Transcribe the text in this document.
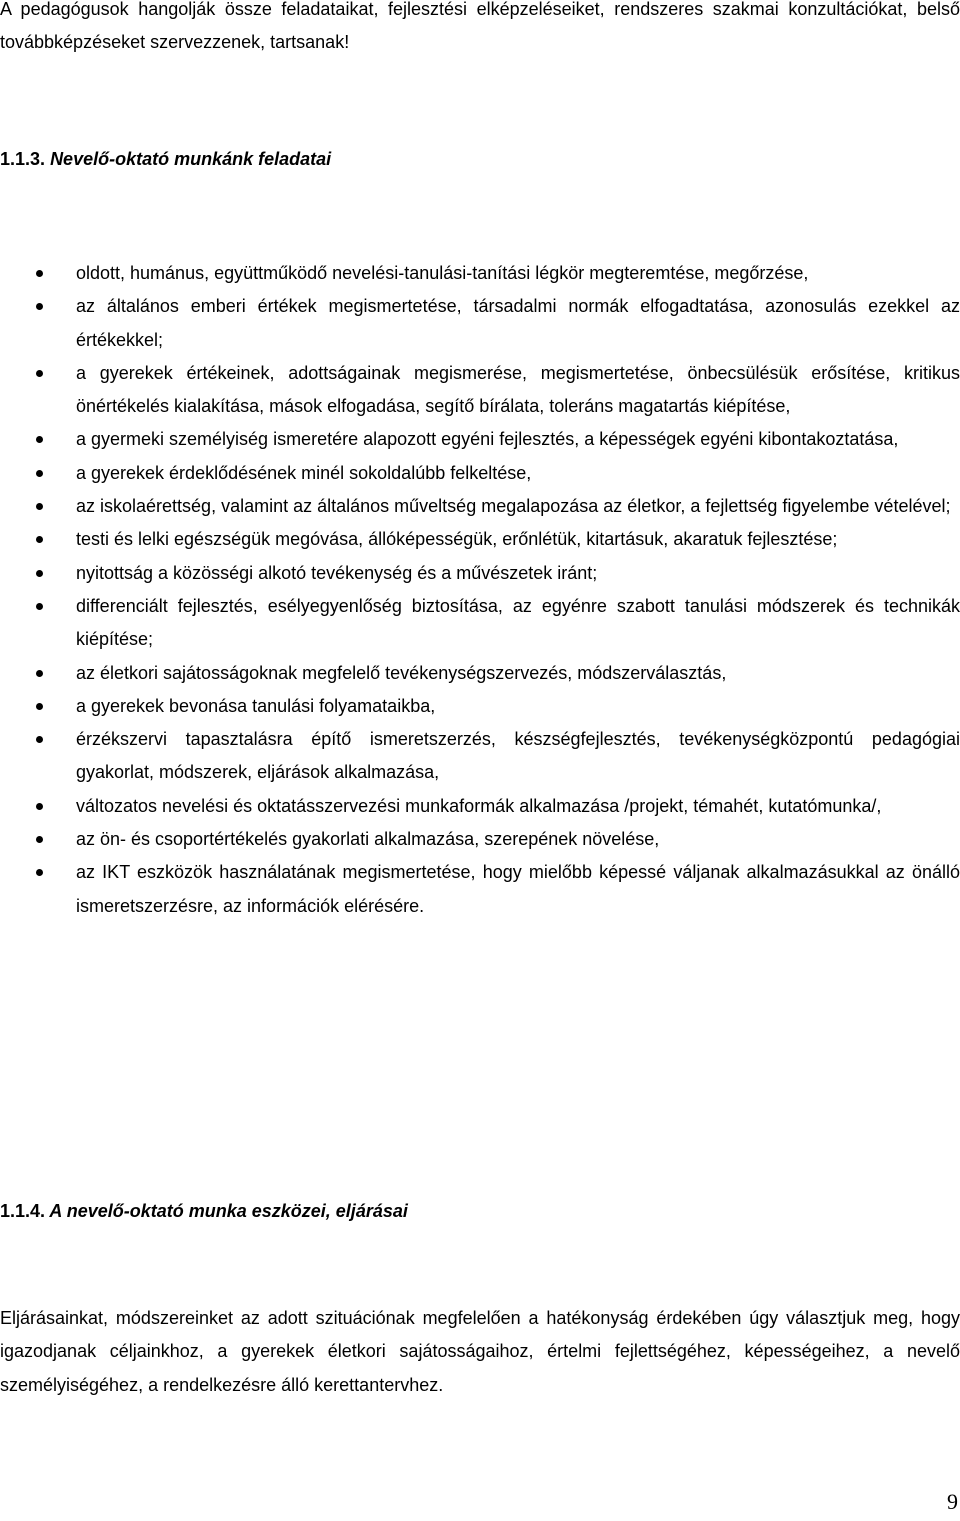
A pedagógusok hangolják össze feladataikat, fejlesztési elképzeléseiket, rendszeres szakmai konzultációkat, belső továbbképzéseket szervezzenek, tartsanak!

1.1.3. Nevelő-oktató munkánk feladatai
oldott, humánus, együttműködő nevelési-tanulási-tanítási légkör megteremtése, megőrzése,
az általános emberi értékek megismertetése, társadalmi normák elfogadtatása, azonosulás ezekkel az értékekkel;
a gyerekek értékeinek, adottságainak megismerése, megismertetése, önbecsülésük erősítése, kritikus önértékelés kialakítása, mások elfogadása, segítő bírálata, toleráns magatartás kiépítése,
a gyermeki személyiség ismeretére alapozott egyéni fejlesztés, a képességek egyéni kibontakoztatása,
a gyerekek érdeklődésének minél sokoldalúbb felkeltése,
az iskolaérettség, valamint az általános műveltség megalapozása az életkor, a fejlettség figyelembe vételével;
testi és lelki egészségük megóvása, állóképességük, erőnlétük, kitartásuk, akaratuk fejlesztése;
nyitottság a közösségi alkotó tevékenység és a művészetek iránt;
differenciált fejlesztés, esélyegyenlőség biztosítása, az egyénre szabott tanulási módszerek és technikák kiépítése;
az életkori sajátosságoknak megfelelő tevékenységszervezés, módszerválasztás,
a gyerekek bevonása tanulási folyamataikba,
érzékszervi tapasztalásra építő ismeretszerzés, készségfejlesztés, tevékenységközpontú pedagógiai gyakorlat, módszerek, eljárások alkalmazása,
változatos nevelési és oktatásszervezési munkaformák alkalmazása /projekt, témahét, kutatómunka/,
az ön- és csoportértékelés gyakorlati alkalmazása, szerepének növelése,
az IKT eszközök használatának megismertetése, hogy mielőbb képessé váljanak alkalmazásukkal az önálló ismeretszerzésre, az információk elérésére.
1.1.4. A nevelő-oktató munka eszközei, eljárásai

Eljárásainkat, módszereinket az adott szituációnak megfelelően a hatékonyság érdekében úgy választjuk meg, hogy igazodjanak céljainkhoz, a gyerekek életkori sajátosságaihoz, értelmi fejlettségéhez, képességeihez, a nevelő személyiségéhez, a rendelkezésre álló kerettantervhez.

9
